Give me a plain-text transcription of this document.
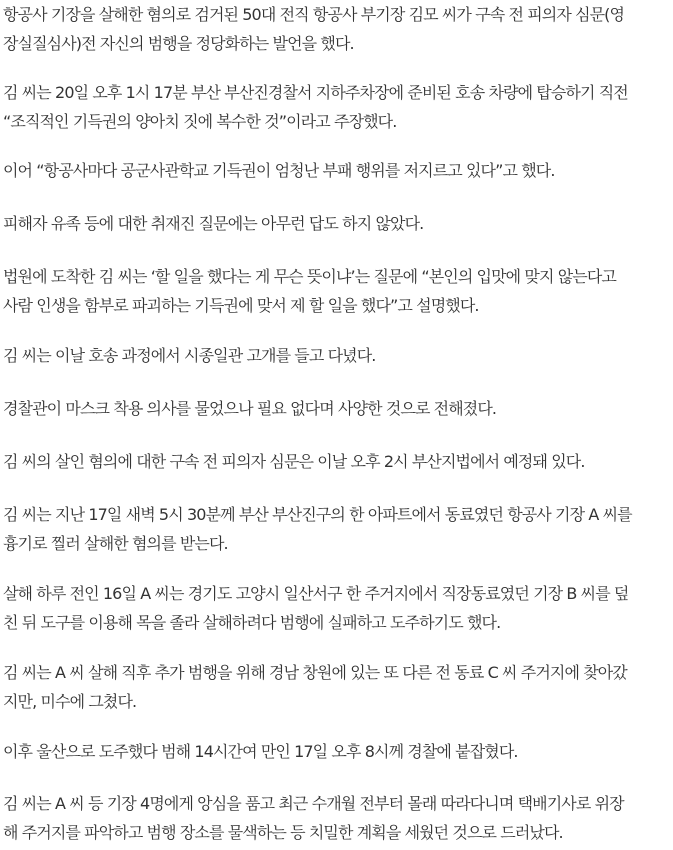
항공사 기장을 살해한 혐의로 검거된 50대 전직 항공사 부기장 김모 씨가 구속 전 피의자 심문(영
장실질심사)전 자신의 범행을 정당화하는 발언을 했다.

김 씨는 20일 오후 1시 17분 부산 부산진경찰서 지하주차장에 준비된 호송 차량에 탑승하기 직전
“조직적인 기득권의 양아치 짓에 복수한 것”이라고 주장했다.

이어 “항공사마다 공군사관학교 기득권이 엄청난 부패 행위를 저지르고 있다”고 했다.

피해자 유족 등에 대한 취재진 질문에는 아무런 답도 하지 않았다.

법원에 도착한 김 씨는 ‘할 일을 했다는 게 무슨 뜻이냐’는 질문에 “본인의 입맛에 맞지 않는다고
사람 인생을 함부로 파괴하는 기득권에 맞서 제 할 일을 했다”고 설명했다.

김 씨는 이날 호송 과정에서 시종일관 고개를 들고 다녔다.

경찰관이 마스크 착용 의사를 물었으나 필요 없다며 사양한 것으로 전해졌다.

김 씨의 살인 혐의에 대한 구속 전 피의자 심문은 이날 오후 2시 부산지법에서 예정돼 있다.

김 씨는 지난 17일 새벽 5시 30분께 부산 부산진구의 한 아파트에서 동료였던 항공사 기장 A 씨를
흉기로 찔러 살해한 혐의를 받는다.

살해 하루 전인 16일 A 씨는 경기도 고양시 일산서구 한 주거지에서 직장동료였던 기장 B 씨를 덮
친 뒤 도구를 이용해 목을 졸라 살해하려다 범행에 실패하고 도주하기도 했다.

김 씨는 A 씨 살해 직후 추가 범행을 위해 경남 창원에 있는 또 다른 전 동료 C 씨 주거지에 찾아갔
지만, 미수에 그쳤다.

이후 울산으로 도주했다 범해 14시간여 만인 17일 오후 8시께 경찰에 붙잡혔다.

김 씨는 A 씨 등 기장 4명에게 앙심을 품고 최근 수개월 전부터 몰래 따라다니며 택배기사로 위장
해 주거지를 파악하고 범행 장소를 물색하는 등 치밀한 계획을 세웠던 것으로 드러났다.
